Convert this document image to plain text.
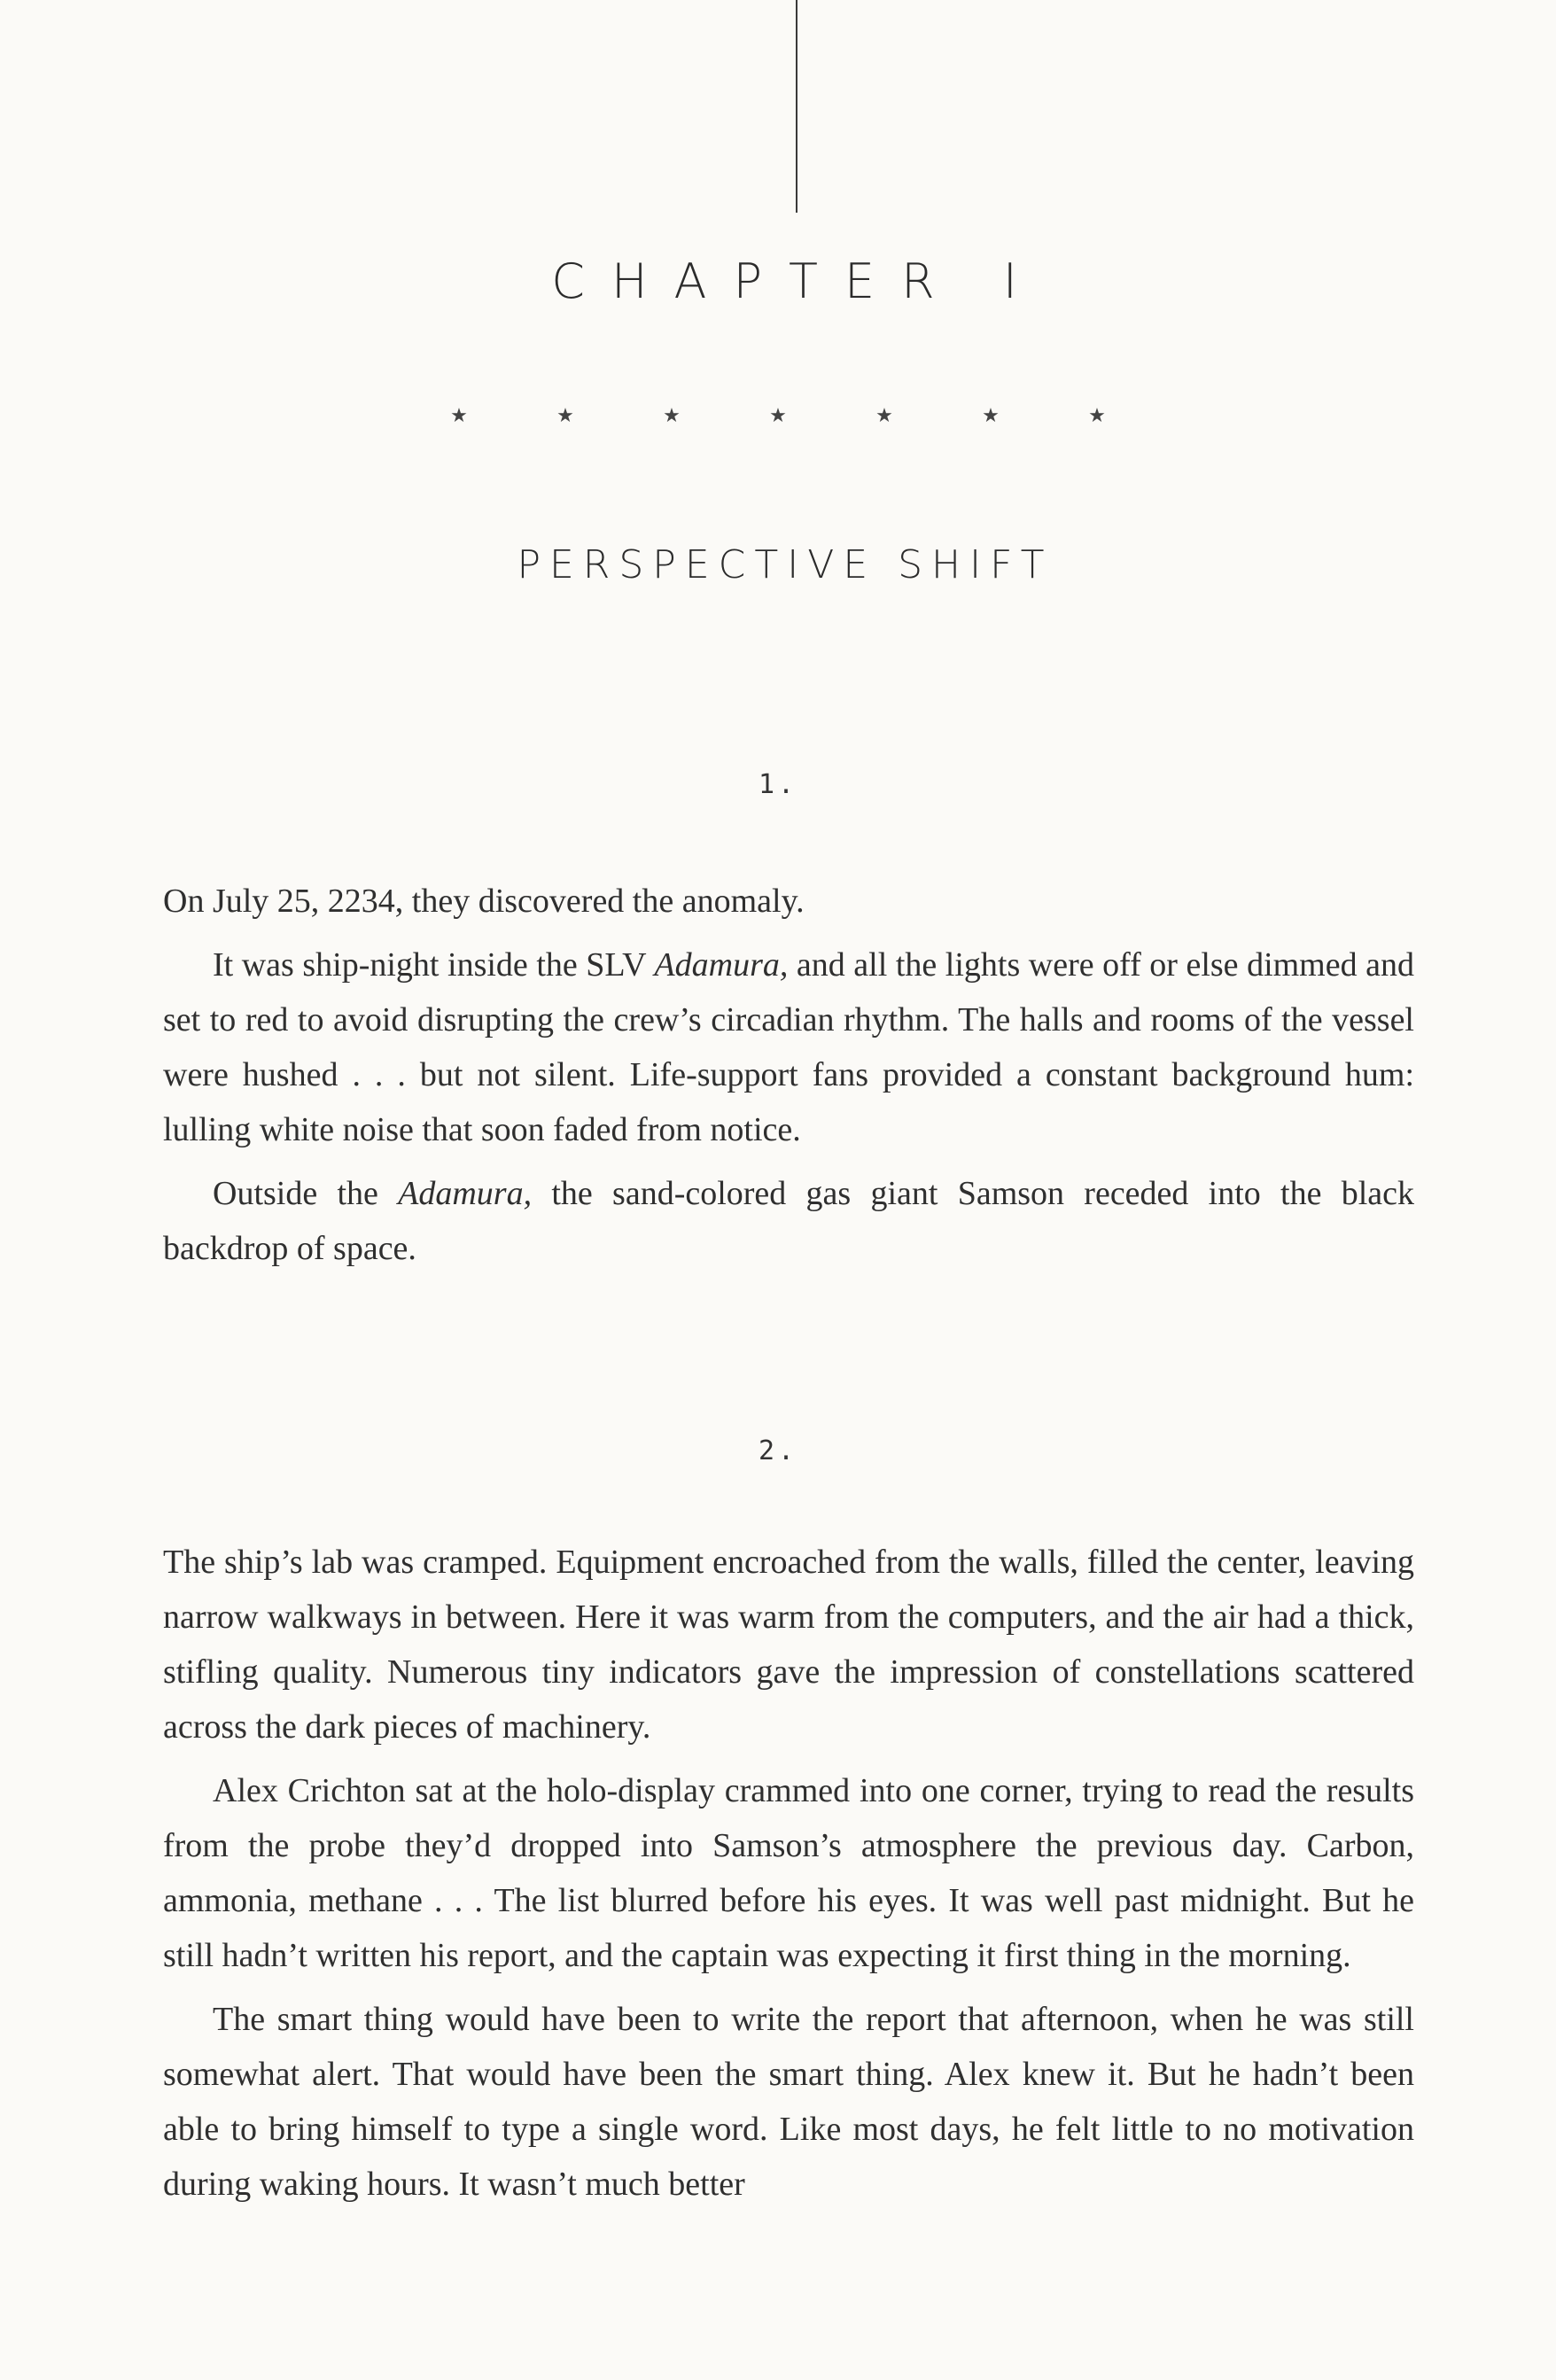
CHAPTER I
★	★	★	★	★	★	★
PERSPECTIVE SHIFT
1.

On July 25, 2234, they discovered the anomaly.

It was ship-night inside the SLV Adamura, and all the lights were off or else dimmed and set to red to avoid disrupting the crew’s circadian rhythm. The halls and rooms of the vessel were hushed . . . but not silent. Life-support fans provided a constant background hum: lulling white noise that soon faded from notice.

Outside the Adamura, the sand-colored gas giant Samson receded into the black backdrop of space.

2.

The ship’s lab was cramped. Equipment encroached from the walls, filled the center, leaving narrow walkways in between. Here it was warm from the computers, and the air had a thick, stifling quality. Numerous tiny indicators gave the impression of constellations scattered across the dark pieces of machinery.

Alex Crichton sat at the holo-display crammed into one corner, trying to read the results from the probe they’d dropped into Samson’s atmosphere the previous day. Carbon, ammonia, methane . . . The list blurred before his eyes. It was well past midnight. But he still hadn’t written his report, and the captain was expecting it first thing in the morning.

The smart thing would have been to write the report that afternoon, when he was still somewhat alert. That would have been the smart thing. Alex knew it. But he hadn’t been able to bring himself to type a single word. Like most days, he felt little to no motivation during waking hours. It wasn’t much better
